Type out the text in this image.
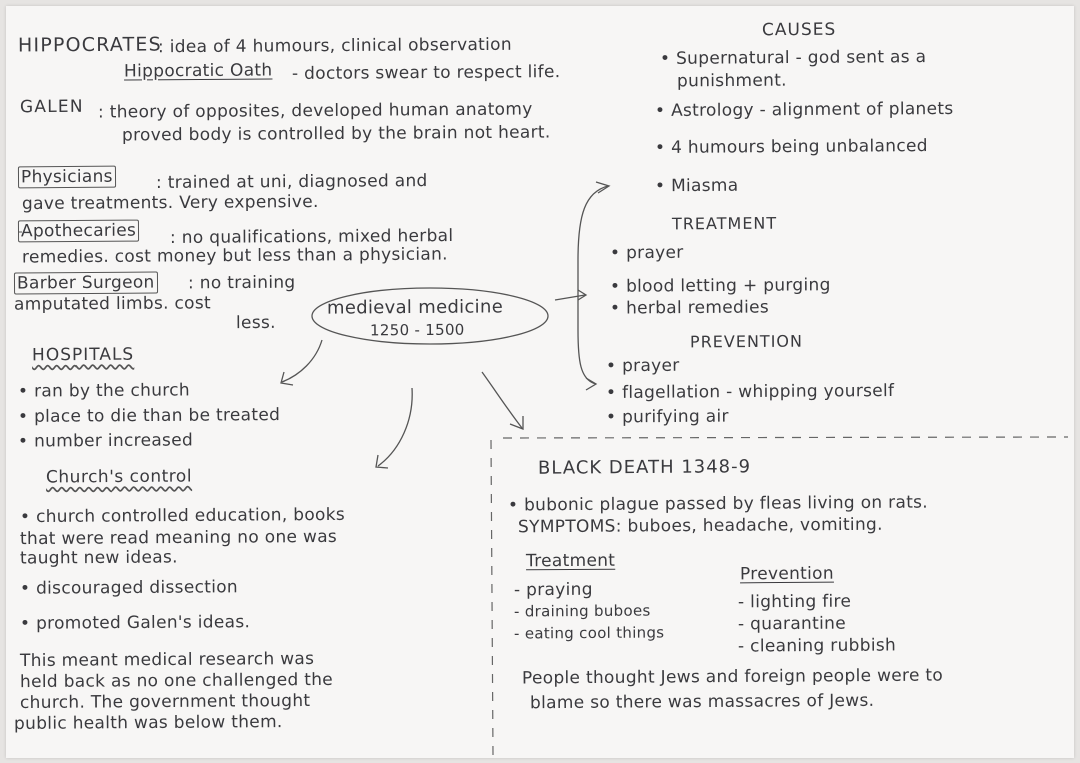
HIPPOCRATES
: idea of 4 humours, clinical observation
Hippocratic Oath - doctors swear to respect life.
GALEN : theory of opposites, developed human anatomy
proved body is controlled by the brain not heart.
Physicians	: trained at uni, diagnosed and
gave treatments. Very expensive.
Apothecaries : no qualifications, mixed herbal
remedies. cost money but less than a physician.
Barber Surgeon : no training
amputated limbs. cost
less.
medieval medicine
1250 - 1500
HOSPITALS
• ran by the church
• place to die than be treated
• number increased
Church's control
• church controlled education, books
that were read meaning no one was
taught new ideas.
• discouraged dissection
• promoted Galen's ideas.
This meant medical research was
held back as no one challenged the
church. The government thought
public health was below them.
CAUSES
• Supernatural - god sent as a
punishment.
• Astrology - alignment of planets
• 4 humours being unbalanced
• Miasma
TREATMENT
• prayer
• blood letting + purging
• herbal remedies
PREVENTION
• prayer
• flagellation - whipping yourself
• purifying air
BLACK DEATH 1348-9
• bubonic plague passed by fleas living on rats.
SYMPTOMS: buboes, headache, vomiting.
Treatment
- praying
- draining buboes
- eating cool things
Prevention
- lighting fire
- quarantine
- cleaning rubbish
People thought Jews and foreign people were to
blame so there was massacres of Jews.
